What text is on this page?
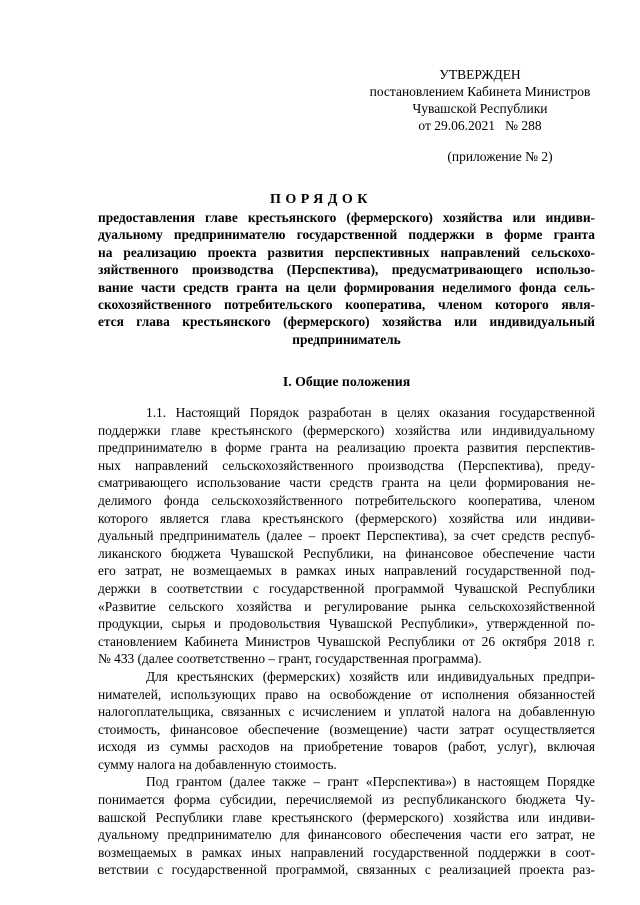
УТВЕРЖДЕН
постановлением Кабинета Министров
Чувашской Республики
от 29.06.2021   № 288
(приложение № 2)
ПОРЯДОК
предоставления главе крестьянского (фермерского) хозяйства или индиви-
дуальному предпринимателю государственной поддержки в форме гранта
на реализацию проекта развития перспективных направлений сельскохо-
зяйственного производства (Перспектива), предусматривающего использо-
вание части средств гранта на цели формирования неделимого фонда сель-
скохозяйственного потребительского кооператива, членом которого явля-
ется глава крестьянского (фермерского) хозяйства или индивидуальный
предприниматель
I. Общие положения
1.1. Настоящий Порядок разработан в целях оказания государственной
поддержки главе крестьянского (фермерского) хозяйства или индивидуальному
предпринимателю в форме гранта на реализацию проекта развития перспектив-
ных направлений сельскохозяйственного производства (Перспектива), преду-
сматривающего использование части средств гранта на цели формирования не-
делимого фонда сельскохозяйственного потребительского кооператива, членом
которого является глава крестьянского (фермерского) хозяйства или индиви-
дуальный предприниматель (далее – проект Перспектива), за счет средств респуб-
ликанского бюджета Чувашской Республики, на финансовое обеспечение части
его затрат, не возмещаемых в рамках иных направлений государственной под-
держки в соответствии с государственной программой Чувашской Республики
«Развитие сельского хозяйства и регулирование рынка сельскохозяйственной
продукции, сырья и продовольствия Чувашской Республики», утвержденной по-
становлением Кабинета Министров Чувашской Республики от 26 октября 2018 г.
№ 433 (далее соответственно – грант, государственная программа).
Для крестьянских (фермерских) хозяйств или индивидуальных предпри-
нимателей, использующих право на освобождение от исполнения обязанностей
налогоплательщика, связанных с исчислением и уплатой налога на добавленную
стоимость, финансовое обеспечение (возмещение) части затрат осуществляется
исходя из суммы расходов на приобретение товаров (работ, услуг), включая
сумму налога на добавленную стоимость.
Под грантом (далее также – грант «Перспектива») в настоящем Порядке
понимается форма субсидии, перечисляемой из республиканского бюджета Чу-
вашской Республики главе крестьянского (фермерского) хозяйства или индиви-
дуальному предпринимателю для финансового обеспечения части его затрат, не
возмещаемых в рамках иных направлений государственной поддержки в соот-
ветствии с государственной программой, связанных с реализацией проекта раз-
